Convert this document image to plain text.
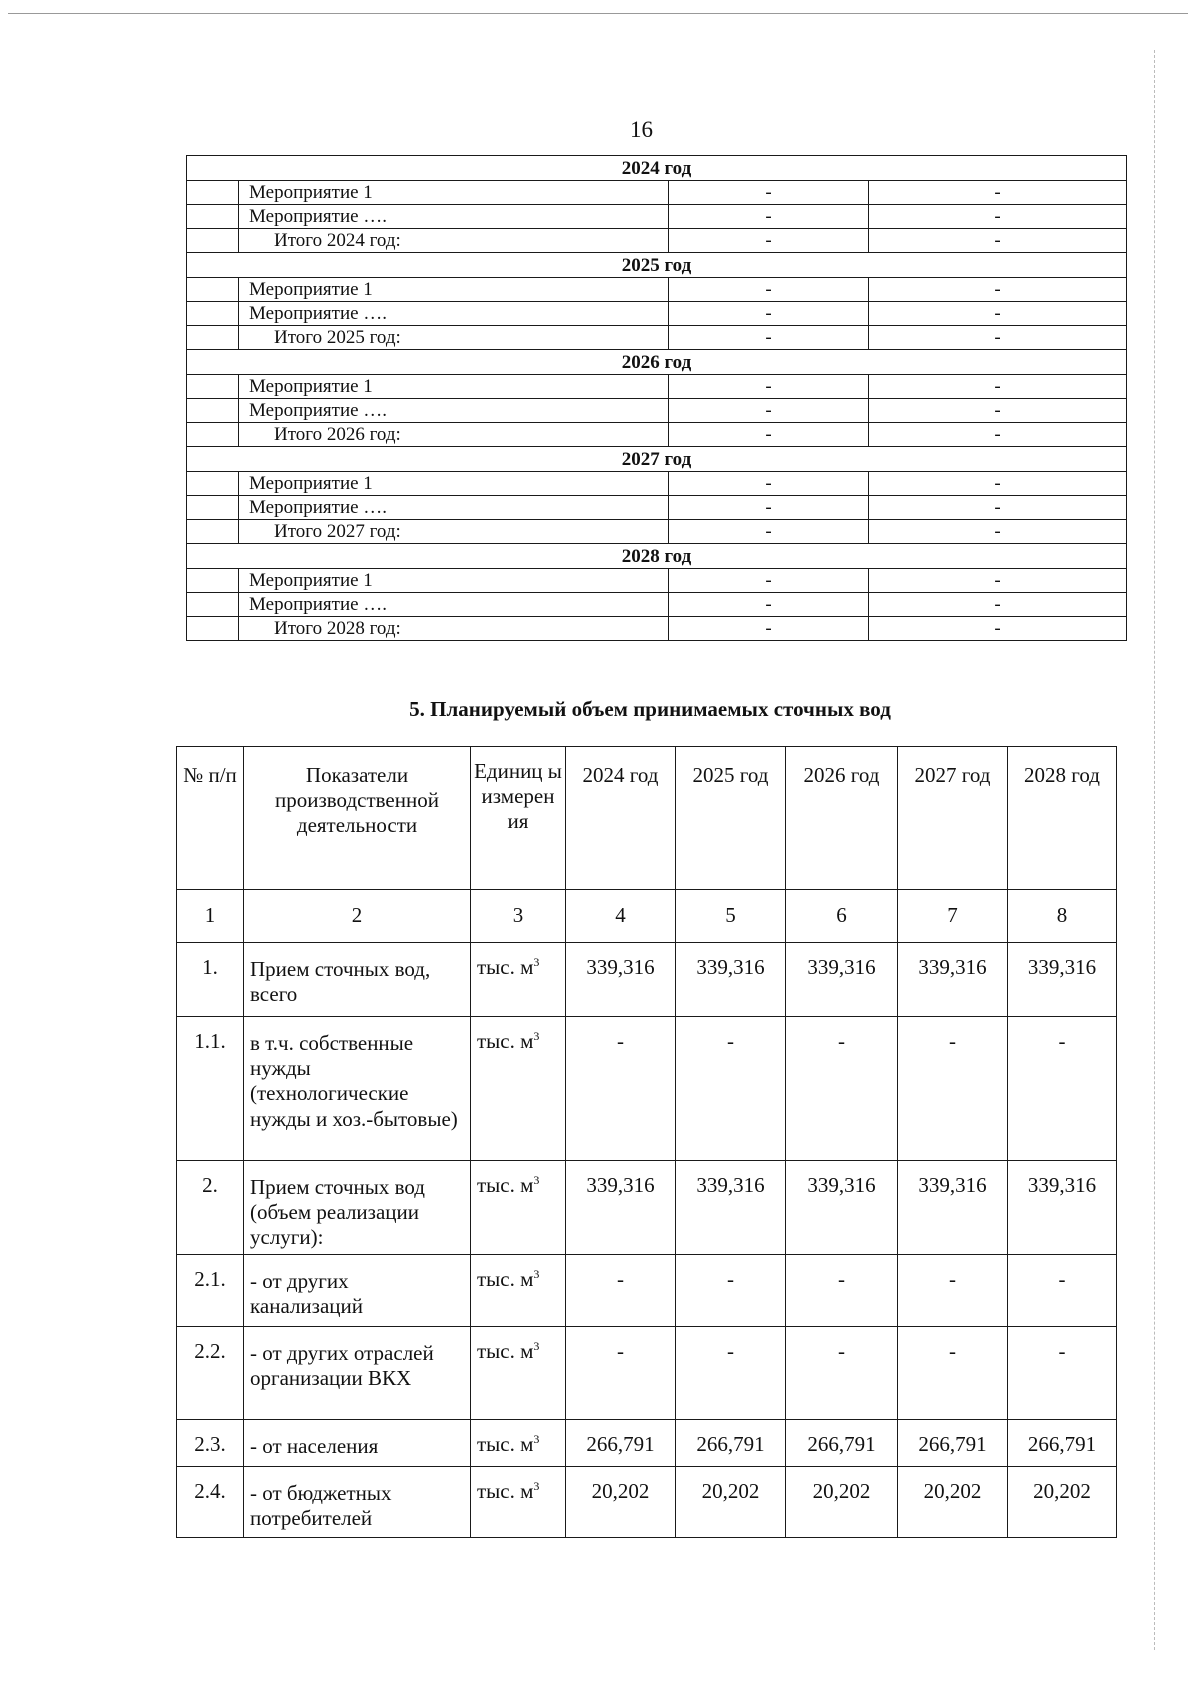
16
2024 год			
	Мероприятие 1	-	-
	Мероприятие ….	-	-
	Итого 2024 год:	-	-
2025 год			
	Мероприятие 1	-	-
	Мероприятие ….	-	-
	Итого 2025 год:	-	-
2026 год			
	Мероприятие 1	-	-
	Мероприятие ….	-	-
	Итого 2026 год:	-	-
2027 год			
	Мероприятие 1	-	-
	Мероприятие ….	-	-
	Итого 2027 год:	-	-
2028 год			
	Мероприятие 1	-	-
	Мероприятие ….	-	-
	Итого 2028 год:	-	-
5. Планируемый объем принимаемых сточных вод
№ п/п	Показатели производственной деятельности	Единиц ы измерен ия	2024 год	2025 год	2026 год	2027 год	2028 год
1	2	3	4	5	6	7	8
1.	Прием сточных вод, всего	тыс. $м^3$	339,316	339,316	339,316	339,316	339,316
1.1.	в т.ч. собственные нужды (технологические нужды и хоз.-бытовые)	тыс. $м^3$	-	-	-	-	-
2.	Прием сточных вод (объем реализации услуги):	тыс. $м^3$	339,316	339,316	339,316	339,316	339,316
2.1.	- от других канализаций	тыс. $м^3$	-	-	-	-	-
2.2.	- от других отраслей организации ВКХ	тыс. $м^3$	-	-	-	-	-
2.3.	- от населения	тыс. $м^3$	266,791	266,791	266,791	266,791	266,791
2.4.	- от бюджетных потребителей	тыс. $м^3$	20,202	20,202	20,202	20,202	20,202
